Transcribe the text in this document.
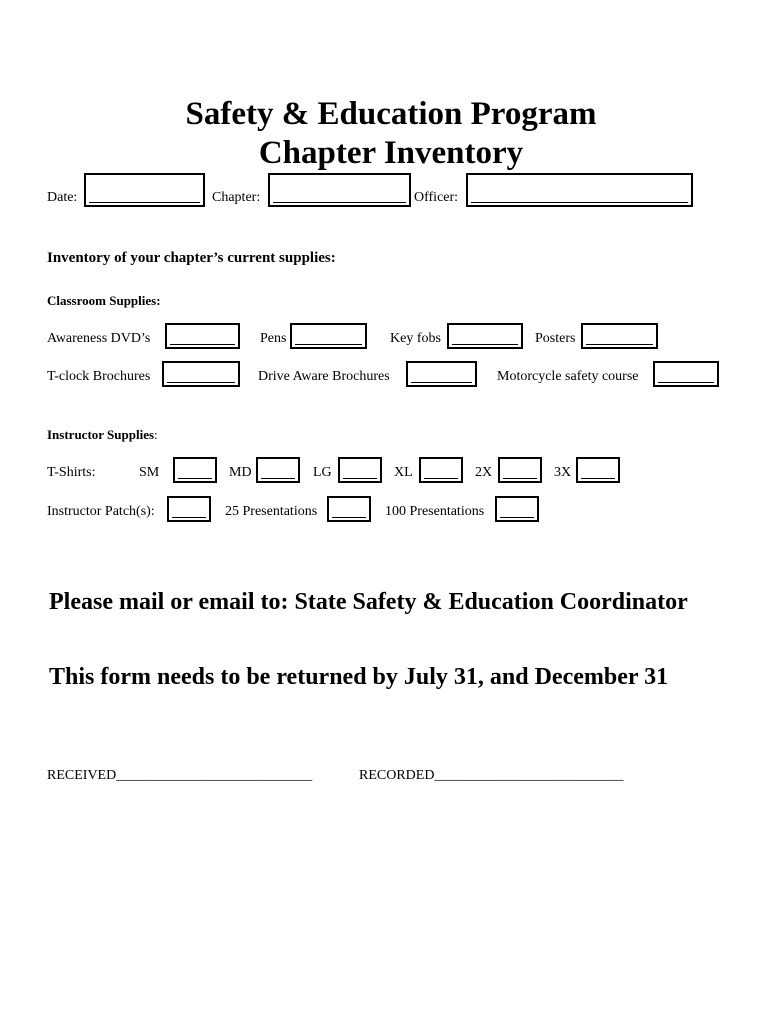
Safety & Education Program
Chapter Inventory
Date:	Chapter:	Officer:
Inventory of your chapter’s current supplies:
Classroom Supplies:
Awareness DVD’s	Pens	Key fobs	Posters
T-clock Brochures	Drive Aware Brochures	Motorcycle safety course
Instructor Supplies:
T-Shirts:	SM	MD	LG	XL	2X	3X
Instructor Patch(s):	25 Presentations	100 Presentations
Please mail or email to: State Safety & Education Coordinator
This form needs to be returned by July 31, and December 31
RECEIVED____________________________	RECORDED___________________________
